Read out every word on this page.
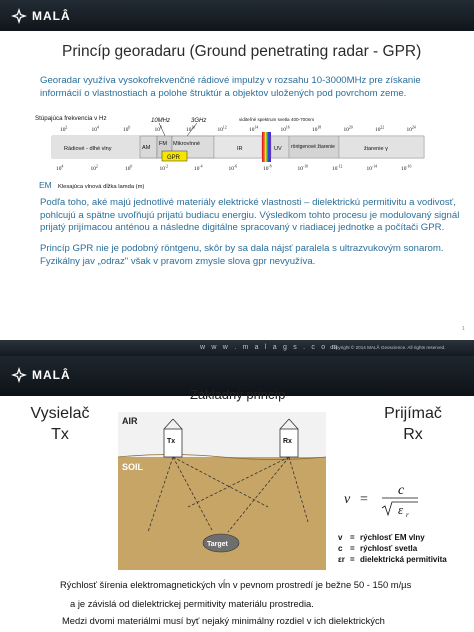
MALÂ
Princíp georadaru (Ground penetrating radar - GPR)
Georadar využíva vysokofrekvenčné rádiové impulzy v rozsahu 10-3000MHz pre získanie informácií o vlastnostiach a polohe štruktúr a objektov uložených pod povrchom zeme.
Stúpajúca frekvencia ν Hz	viditeľné spektrum svetla 400-700nm
10MHz	3GHz
$10^2$	$10^4$	$10^6$	$10^8$	$10^{10}$	$10^{12}$	$10^{14}$	$10^{16}$	$10^{18}$	$10^{20}$	$10^{22}$	$10^{24}$
Rádiové - dlhé vlny	AM
FM Mikrovlnné
IR	UV röntgenové žiarenie	žiarenie γ
GPR
$10^4$	$10^2$	$10^0$	$10^{-2}$	$10^{-4}$	$10^{-6}$	$10^{-8}$	$10^{-10}$	$10^{-12}$	$10^{-14}$	$10^{-16}$
EM Klesajúca vlnová dĺžka lamda (m)
Podľa toho, aké majú jednotlivé materiály elektrické vlastnosti – dielektrickú permitivitu a vodivosť, pohlcujú a spätne uvoľňujú prijatú budiacu energiu. Výsledkom tohto procesu je modulovaný signál prijatý prijímacou anténou a následne digitálne spracovaný v riadiacej jednotke a počítači GPR.
Princíp GPR nie je podobný röntgenu, skôr by sa dala nájsť paralela s ultrazvukovým sonarom. Fyzikálny jav „odraz" však v pravom zmysle slova gpr nevyužíva.
1
w w w . m a l a g s . c o m
Copyright © 2014 MALÅ Geoscience. All rights reserved.
MALÂ
Základný princíp
Vysielač
Tx
Prijímač
Rx
AIR
SOIL
Tx	Rx
Target
v =
c
ε r
v = rýchlosť EM vlny
c = rýchlosť svetla
εr = dielektrická permitivita
Rýchlosť šírenia elektromagnetických vĺn v pevnom prostredí je bežne 50 - 150 m/µs
a je závislá od dielektrickej permitivity materiálu prostredia.
Medzi dvomi materiálmi musí byť nejaký minimálny rozdiel v ich dielektrických
